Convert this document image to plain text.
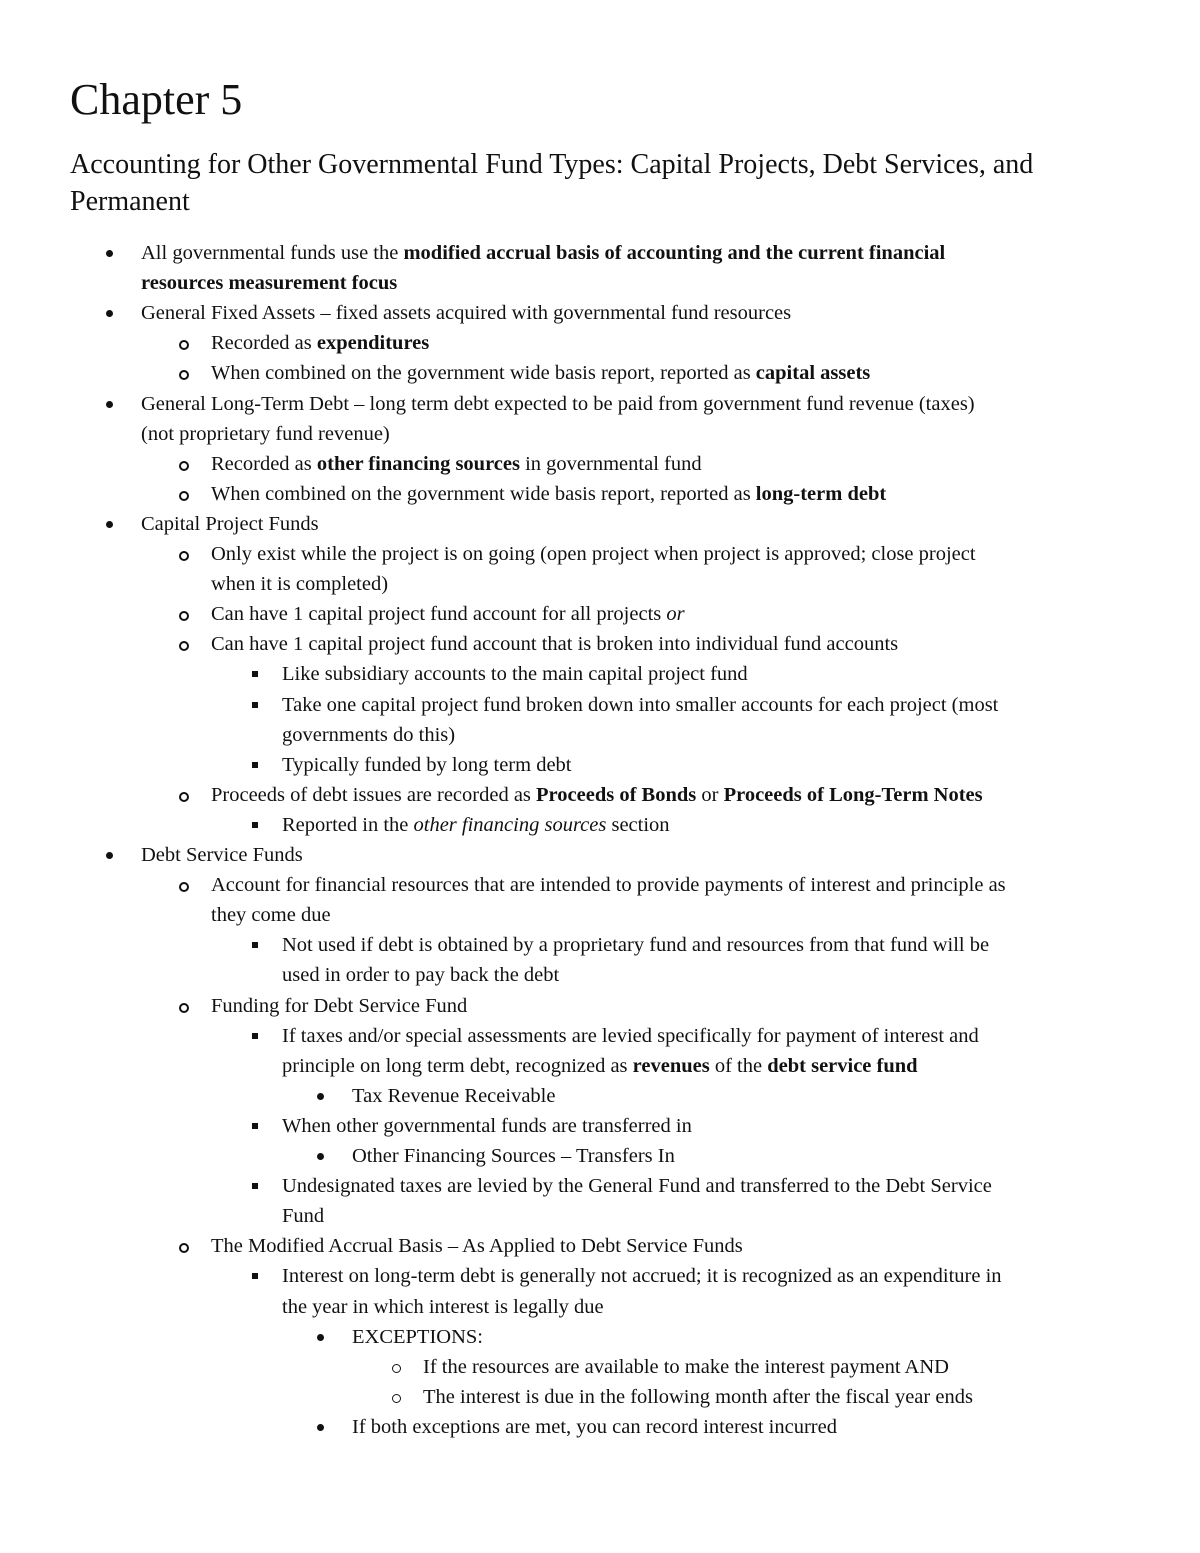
Chapter 5
Accounting for Other Governmental Fund Types: Capital Projects, Debt Services, and Permanent
All governmental funds use the modified accrual basis of accounting and the current financial
resources measurement focus
General Fixed Assets – fixed assets acquired with governmental fund resources
Recorded as expenditures
When combined on the government wide basis report, reported as capital assets
General Long-Term Debt – long term debt expected to be paid from government fund revenue (taxes)
(not proprietary fund revenue)
Recorded as other financing sources in governmental fund
When combined on the government wide basis report, reported as long-term debt
Capital Project Funds
Only exist while the project is on going (open project when project is approved; close project
when it is completed)
Can have 1 capital project fund account for all projects or
Can have 1 capital project fund account that is broken into individual fund accounts
Like subsidiary accounts to the main capital project fund
Take one capital project fund broken down into smaller accounts for each project (most
governments do this)
Typically funded by long term debt
Proceeds of debt issues are recorded as Proceeds of Bonds or Proceeds of Long-Term Notes
Reported in the other financing sources section
Debt Service Funds
Account for financial resources that are intended to provide payments of interest and principle as
they come due
Not used if debt is obtained by a proprietary fund and resources from that fund will be
used in order to pay back the debt
Funding for Debt Service Fund
If taxes and/or special assessments are levied specifically for payment of interest and
principle on long term debt, recognized as revenues of the debt service fund
Tax Revenue Receivable
When other governmental funds are transferred in
Other Financing Sources – Transfers In
Undesignated taxes are levied by the General Fund and transferred to the Debt Service
Fund
The Modified Accrual Basis – As Applied to Debt Service Funds
Interest on long-term debt is generally not accrued; it is recognized as an expenditure in
the year in which interest is legally due
EXCEPTIONS:
If the resources are available to make the interest payment AND
The interest is due in the following month after the fiscal year ends
If both exceptions are met, you can record interest incurred
